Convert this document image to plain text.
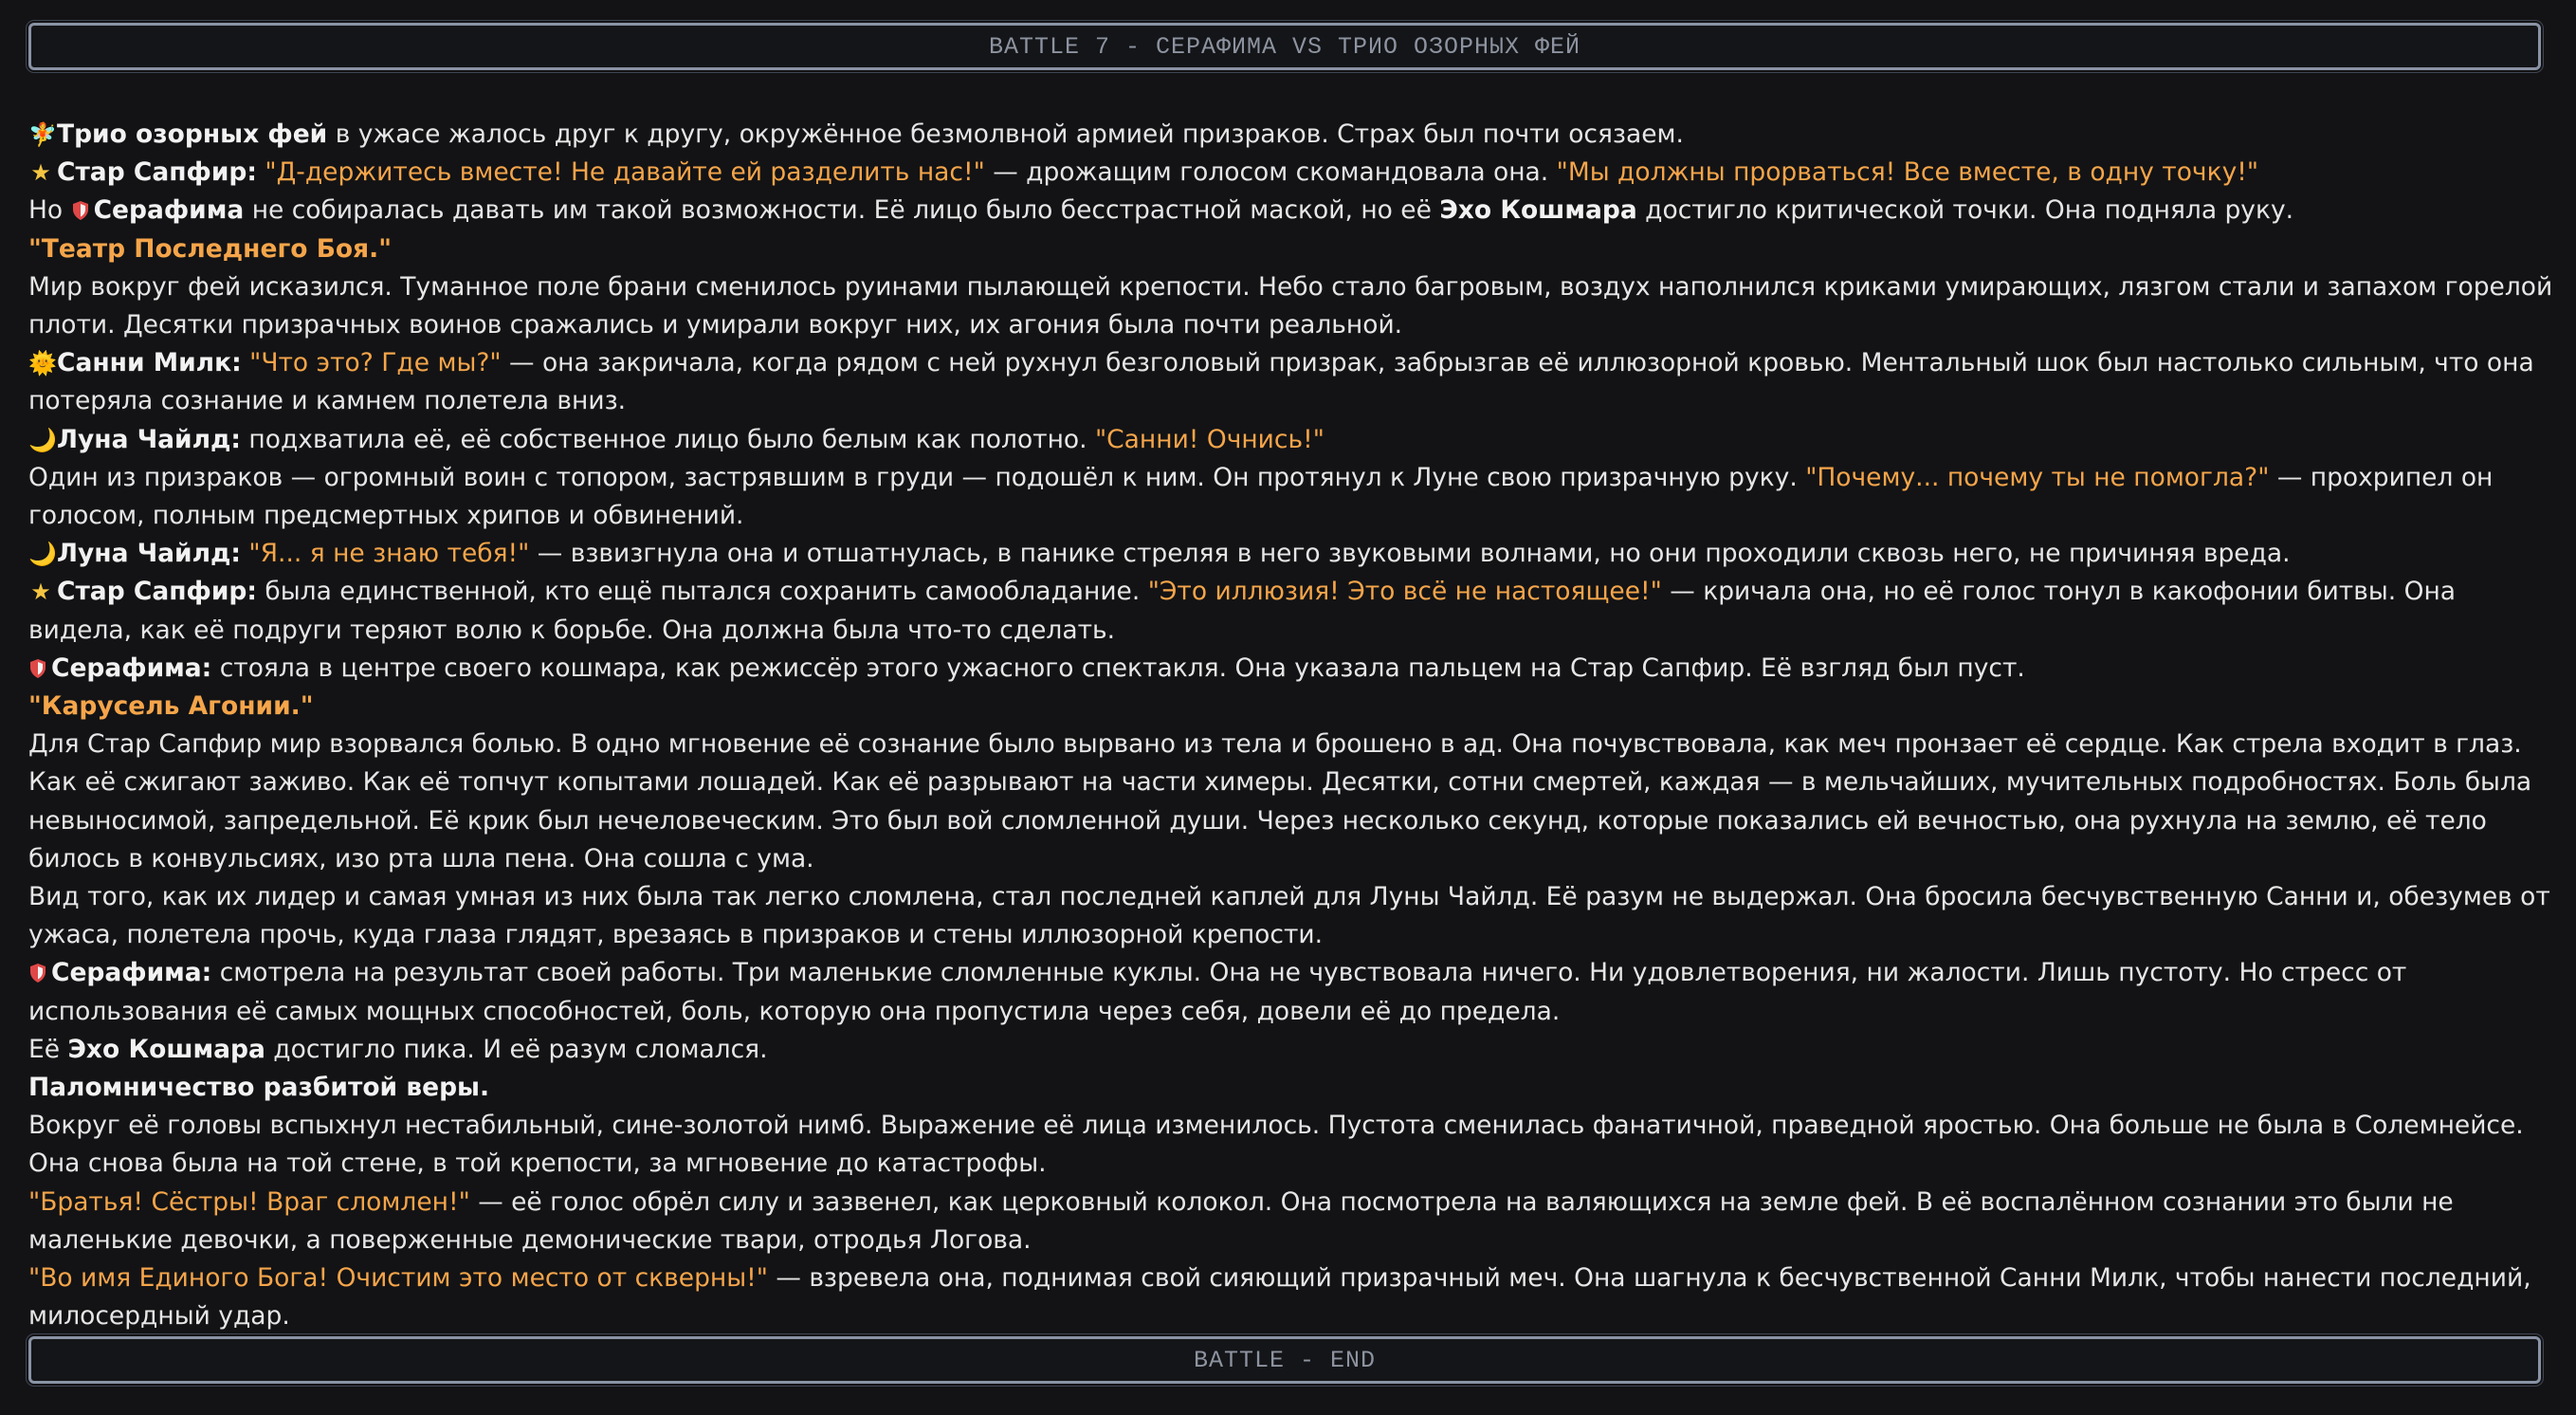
BATTLE 7 - СЕРАФИМА VS ТРИО ОЗОРНЫХ ФЕЙ
🧚Трио озорных фей в ужасе жалось друг к другу, окружённое безмолвной армией призраков. Страх был почти осязаем.
★ Стар Сапфир: "Д-держитесь вместе! Не давайте ей разделить нас!" — дрожащим голосом скомандовала она. "Мы должны прорваться! Все вместе, в одну точку!"
Но Серафима не собиралась давать им такой возможности. Её лицо было бесстрастной маской, но её Эхо Кошмара достигло критической точки. Она подняла руку.
"Театр Последнего Боя."
Мир вокруг фей исказился. Туманное поле брани сменилось руинами пылающей крепости. Небо стало багровым, воздух наполнился криками умирающих, лязгом стали и запахом горелой плоти. Десятки призрачных воинов сражались и умирали вокруг них, их агония была почти реальной.
🌞Санни Милк: "Что это? Где мы?" — она закричала, когда рядом с ней рухнул безголовый призрак, забрызгав её иллюзорной кровью. Ментальный шок был настолько сильным, что она потеряла сознание и камнем полетела вниз.
🌙Луна Чайлд: подхватила её, её собственное лицо было белым как полотно. "Санни! Очнись!"
Один из призраков — огромный воин с топором, застрявшим в груди — подошёл к ним. Он протянул к Луне свою призрачную руку. "Почему... почему ты не помогла?" — прохрипел он голосом, полным предсмертных хрипов и обвинений.
🌙Луна Чайлд: "Я... я не знаю тебя!" — взвизгнула она и отшатнулась, в панике стреляя в него звуковыми волнами, но они проходили сквозь него, не причиняя вреда.
★ Стар Сапфир: была единственной, кто ещё пытался сохранить самообладание. "Это иллюзия! Это всё не настоящее!" — кричала она, но её голос тонул в какофонии битвы. Она видела, как её подруги теряют волю к борьбе. Она должна была что-то сделать.
Серафима: стояла в центре своего кошмара, как режиссёр этого ужасного спектакля. Она указала пальцем на Стар Сапфир. Её взгляд был пуст.
"Карусель Агонии."
Для Стар Сапфир мир взорвался болью. В одно мгновение её сознание было вырвано из тела и брошено в ад. Она почувствовала, как меч пронзает её сердце. Как стрела входит в глаз. Как её сжигают заживо. Как её топчут копытами лошадей. Как её разрывают на части химеры. Десятки, сотни смертей, каждая — в мельчайших, мучительных подробностях. Боль была невыносимой, запредельной. Её крик был нечеловеческим. Это был вой сломленной души. Через несколько секунд, которые показались ей вечностью, она рухнула на землю, её тело билось в конвульсиях, изо рта шла пена. Она сошла с ума.
Вид того, как их лидер и самая умная из них была так легко сломлена, стал последней каплей для Луны Чайлд. Её разум не выдержал. Она бросила бесчувственную Санни и, обезумев от ужаса, полетела прочь, куда глаза глядят, врезаясь в призраков и стены иллюзорной крепости.
Серафима: смотрела на результат своей работы. Три маленькие сломленные куклы. Она не чувствовала ничего. Ни удовлетворения, ни жалости. Лишь пустоту. Но стресс от использования её самых мощных способностей, боль, которую она пропустила через себя, довели её до предела.
Её Эхо Кошмара достигло пика. И её разум сломался.
Паломничество разбитой веры.
Вокруг её головы вспыхнул нестабильный, сине-золотой нимб. Выражение её лица изменилось. Пустота сменилась фанатичной, праведной яростью. Она больше не была в Солемнейсе. Она снова была на той стене, в той крепости, за мгновение до катастрофы.
"Братья! Сёстры! Враг сломлен!" — её голос обрёл силу и зазвенел, как церковный колокол. Она посмотрела на валяющихся на земле фей. В её воспалённом сознании это были не маленькие девочки, а поверженные демонические твари, отродья Логова.
"Во имя Единого Бога! Очистим это место от скверны!" — взревела она, поднимая свой сияющий призрачный меч. Она шагнула к бесчувственной Санни Милк, чтобы нанести последний, милосердный удар.
BATTLE - END
